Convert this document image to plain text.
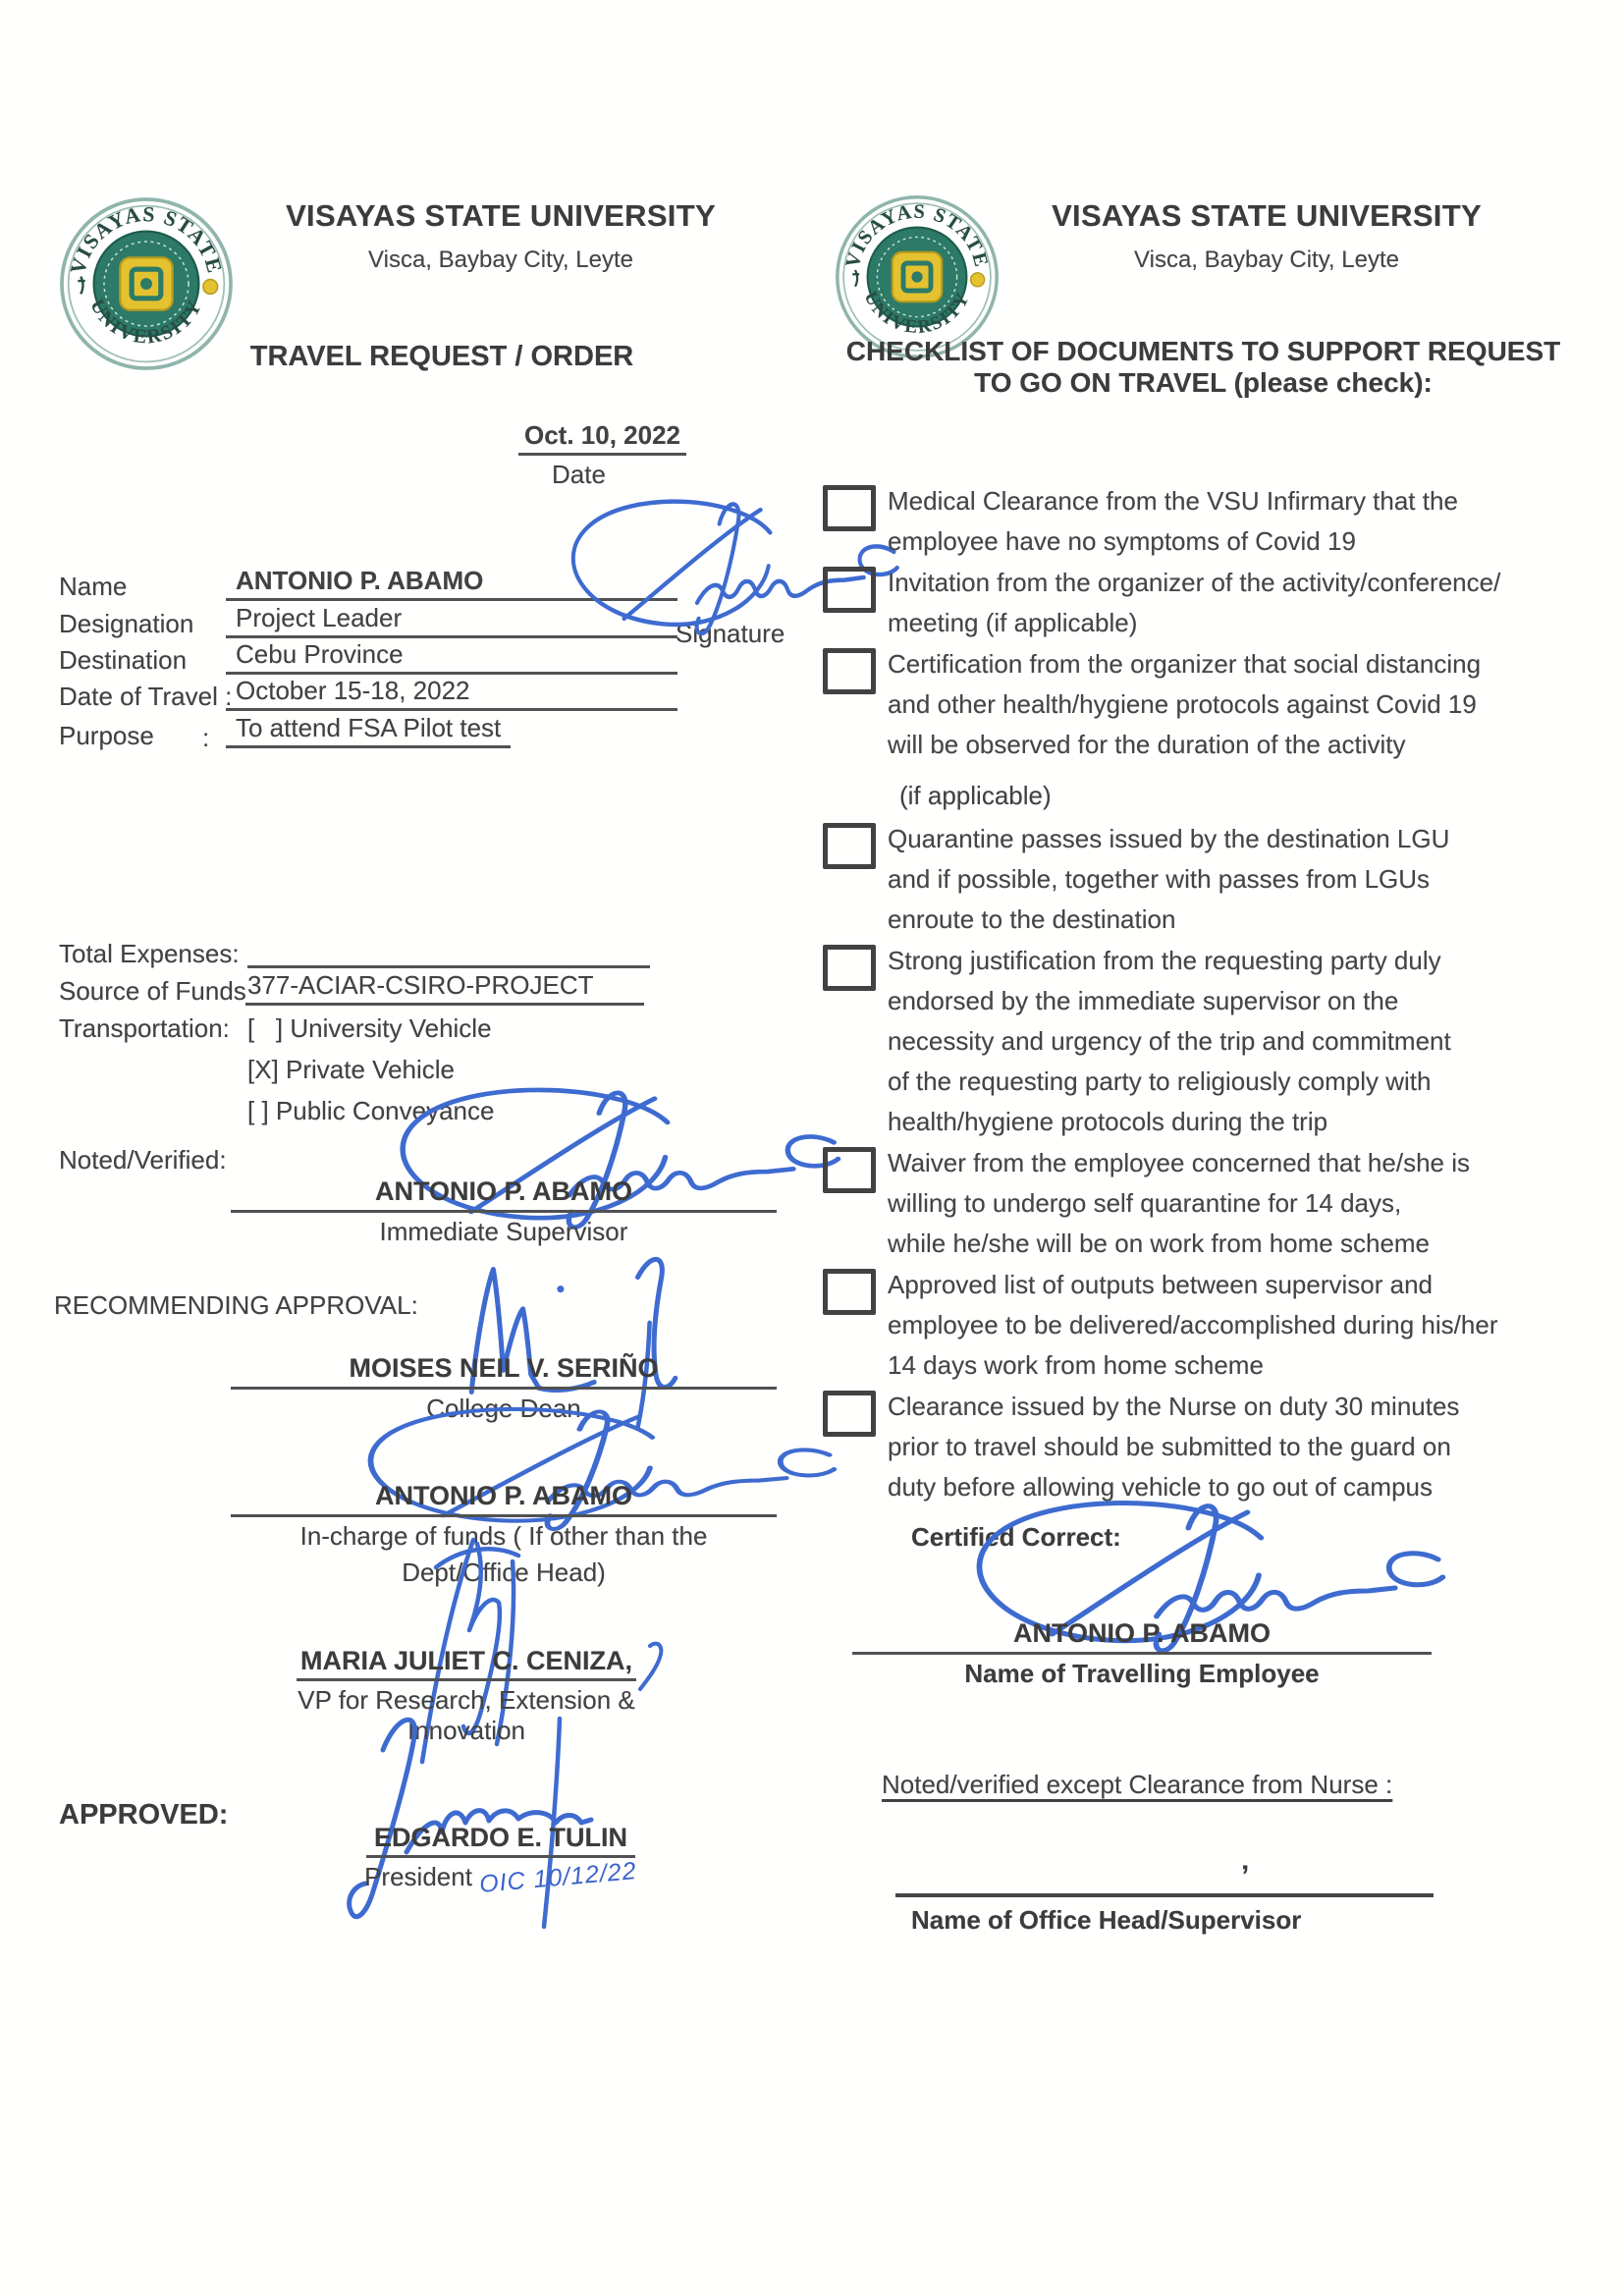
VISAYAS STATE UNIVERSITY
Visca, Baybay City, Leyte
TRAVEL REQUEST / ORDER
Oct. 10, 2022
Date
Name	ANTONIO P. ABAMO
Designation	Project Leader
Destination	Cebu Province
Date of Travel : October 15-18, 2022
Purpose :	To attend FSA Pilot test
Signature
Total Expenses:
Source of Funds 377-ACIAR-CSIRO-PROJECT
Transportation: [   ] University Vehicle
[X] Private Vehicle
[ ] Public Conveyance
Noted/Verified:
ANTONIO P. ABAMO
Immediate Supervisor
RECOMMENDING APPROVAL:
MOISES NEIL V. SERIÑO
College Dean
ANTONIO P. ABAMO
In-charge of funds ( If other than the
Dept/Office Head)
MARIA JULIET C. CENIZA,
VP for Research, Extension & Innovation
APPROVED:
EDGARDO E. TULIN
President OIC 10/12/22
VISAYAS STATE UNIVERSITY
Visca, Baybay City, Leyte
CHECKLIST OF DOCUMENTS TO SUPPORT REQUEST
TO GO ON TRAVEL (please check):
Medical Clearance from the VSU Infirmary that the
employee have no symptoms of Covid 19
Invitation from the organizer of the activity/conference/
meeting (if applicable)
Certification from the organizer that social distancing
and other health/hygiene protocols against Covid 19
will be observed for the duration of the activity
(if applicable)
Quarantine passes issued by the destination LGU
and if possible, together with passes from LGUs
enroute to the destination
Strong justification from the requesting party duly
endorsed by the immediate supervisor on the
necessity and urgency of the trip and commitment
of the requesting party to religiously comply with
health/hygiene protocols during the trip
Waiver from the employee concerned that he/she is
willing to undergo self quarantine for 14 days,
while he/she will be on work from home scheme
Approved list of outputs between supervisor and
employee to be delivered/accomplished during his/her
14 days work from home scheme
Clearance issued by the Nurse on duty 30 minutes
prior to travel should be submitted to the guard on
duty before allowing vehicle to go out of campus
Certified Correct:
ANTONIO P. ABAMO
Name of Travelling Employee
Noted/verified except Clearance from Nurse :
’
Name of Office Head/Supervisor
